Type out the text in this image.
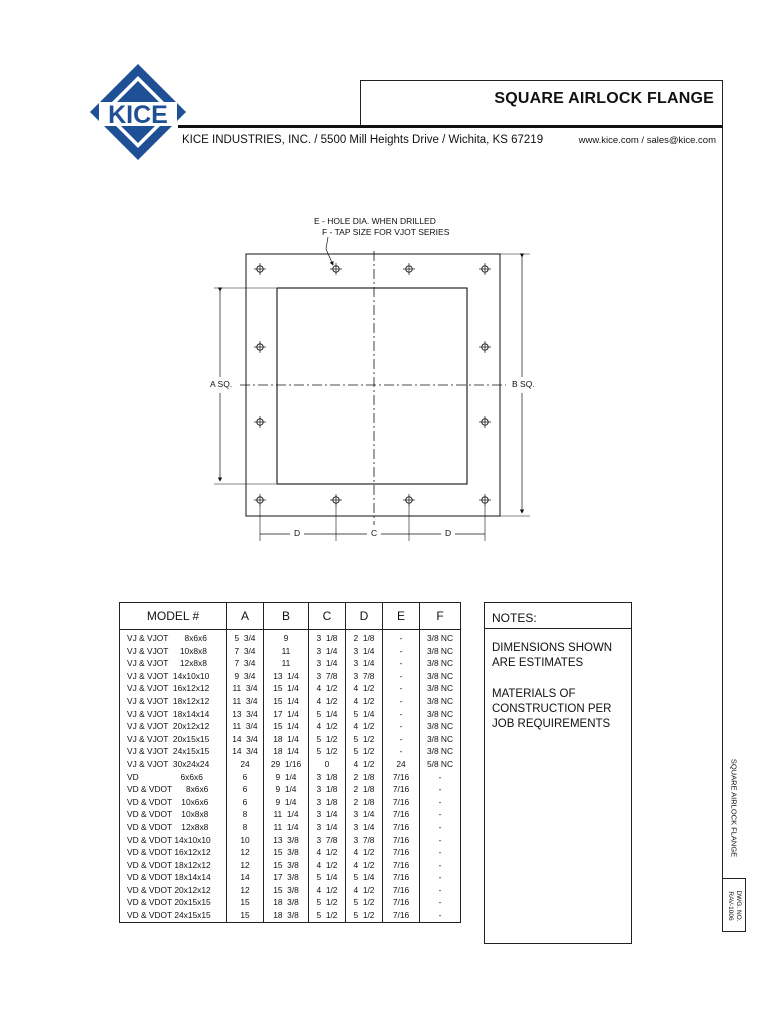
KICE
SQUARE AIRLOCK FLANGE
KICE INDUSTRIES, INC. / 5500 Mill Heights Drive / Wichita, KS 67219	www.kice.com / sales@kice.com
E - HOLE DIA. WHEN DRILLED
F - TAP SIZE FOR VJOT SERIES
A SQ.	B SQ.
D	C	D
MODEL #	A	B	C	D	E	F
VJ & VJOT       8x6x6	5  3/4	9	3  1/8	2  1/8	-	3/8 NC
VJ & VJOT     10x8x8	7  3/4	11	3  1/4	3  1/4	-	3/8 NC
VJ & VJOT     12x8x8	7  3/4	11	3  1/4	3  1/4	-	3/8 NC
VJ & VJOT  14x10x10	9  3/4	13  1/4	3  7/8	3  7/8	-	3/8 NC
VJ & VJOT  16x12x12	11  3/4	15  1/4	4  1/2	4  1/2	-	3/8 NC
VJ & VJOT  18x12x12	11  3/4	15  1/4	4  1/2	4  1/2	-	3/8 NC
VJ & VJOT  18x14x14	13  3/4	17  1/4	5  1/4	5  1/4	-	3/8 NC
VJ & VJOT  20x12x12	11  3/4	15  1/4	4  1/2	4  1/2	-	3/8 NC
VJ & VJOT  20x15x15	14  3/4	18  1/4	5  1/2	5  1/2	-	3/8 NC
VJ & VJOT  24x15x15	14  3/4	18  1/4	5  1/2	5  1/2	-	3/8 NC
VJ & VJOT  30x24x24	24	29  1/16	0	4  1/2	24	5/8 NC
VD                  6x6x6	6	9  1/4	3  1/8	2  1/8	7/16	-
VD & VDOT      8x6x6	6	9  1/4	3  1/8	2  1/8	7/16	-
VD & VDOT    10x6x6	6	9  1/4	3  1/8	2  1/8	7/16	-
VD & VDOT    10x8x8	8	11  1/4	3  1/4	3  1/4	7/16	-
VD & VDOT    12x8x8	8	11  1/4	3  1/4	3  1/4	7/16	-
VD & VDOT 14x10x10	10	13  3/8	3  7/8	3  7/8	7/16	-
VD & VDOT 16x12x12	12	15  3/8	4  1/2	4  1/2	7/16	-
VD & VDOT 18x12x12	12	15  3/8	4  1/2	4  1/2	7/16	-
VD & VDOT 18x14x14	14	17  3/8	5  1/4	5  1/4	7/16	-
VD & VDOT 20x12x12	12	15  3/8	4  1/2	4  1/2	7/16	-
VD & VDOT 20x15x15	15	18  3/8	5  1/2	5  1/2	7/16	-
VD & VDOT 24x15x15	15	18  3/8	5  1/2	5  1/2	7/16	-
NOTES:
DIMENSIONS SHOWN ARE ESTIMATES
MATERIALS OF CONSTRUCTION PER JOB REQUIREMENTS
SQUARE AIRLOCK FLANGE
DWG. NO.
RAV-1006
